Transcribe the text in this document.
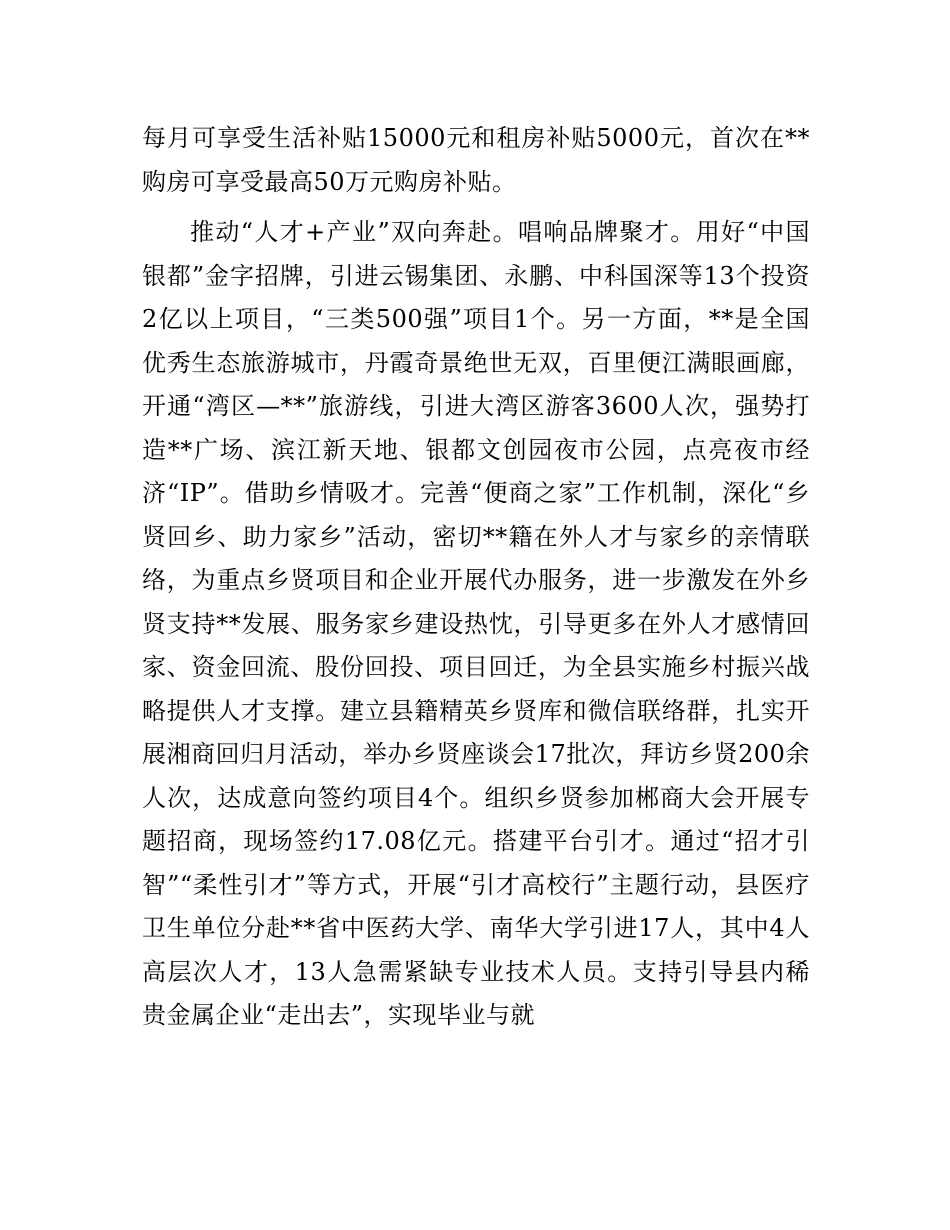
每月可享受生活补贴15000元和租房补贴5000元，首次在**购房可享受最高50万元购房补贴。

推动“人才+产业”双向奔赴。唱响品牌聚才。用好“中国银都”金字招牌，引进云锡集团、永鹏、中科国深等13个投资2亿以上项目，“三类500强”项目1个。另一方面，**是全国优秀生态旅游城市，丹霞奇景绝世无双，百里便江满眼画廊，开通“湾区—**”旅游线，引进大湾区游客3600人次，强势打造**广场、滨江新天地、银都文创园夜市公园，点亮夜市经济“IP”。借助乡情吸才。完善“便商之家”工作机制，深化“乡贤回乡、助力家乡”活动，密切**籍在外人才与家乡的亲情联络，为重点乡贤项目和企业开展代办服务，进一步激发在外乡贤支持**发展、服务家乡建设热忱，引导更多在外人才感情回家、资金回流、股份回投、项目回迁，为全县实施乡村振兴战略提供人才支撑。建立县籍精英乡贤库和微信联络群，扎实开展湘商回归月活动，举办乡贤座谈会17批次，拜访乡贤200余人次，达成意向签约项目4个。组织乡贤参加郴商大会开展专题招商，现场签约17.08亿元。搭建平台引才。通过“招才引智”“柔性引才”等方式，开展“引才高校行”主题行动，县医疗卫生单位分赴**省中医药大学、南华大学引进17人，其中4人高层次人才，13人急需紧缺专业技术人员。支持引导县内稀贵金属企业“走出去”，实现毕业与就
